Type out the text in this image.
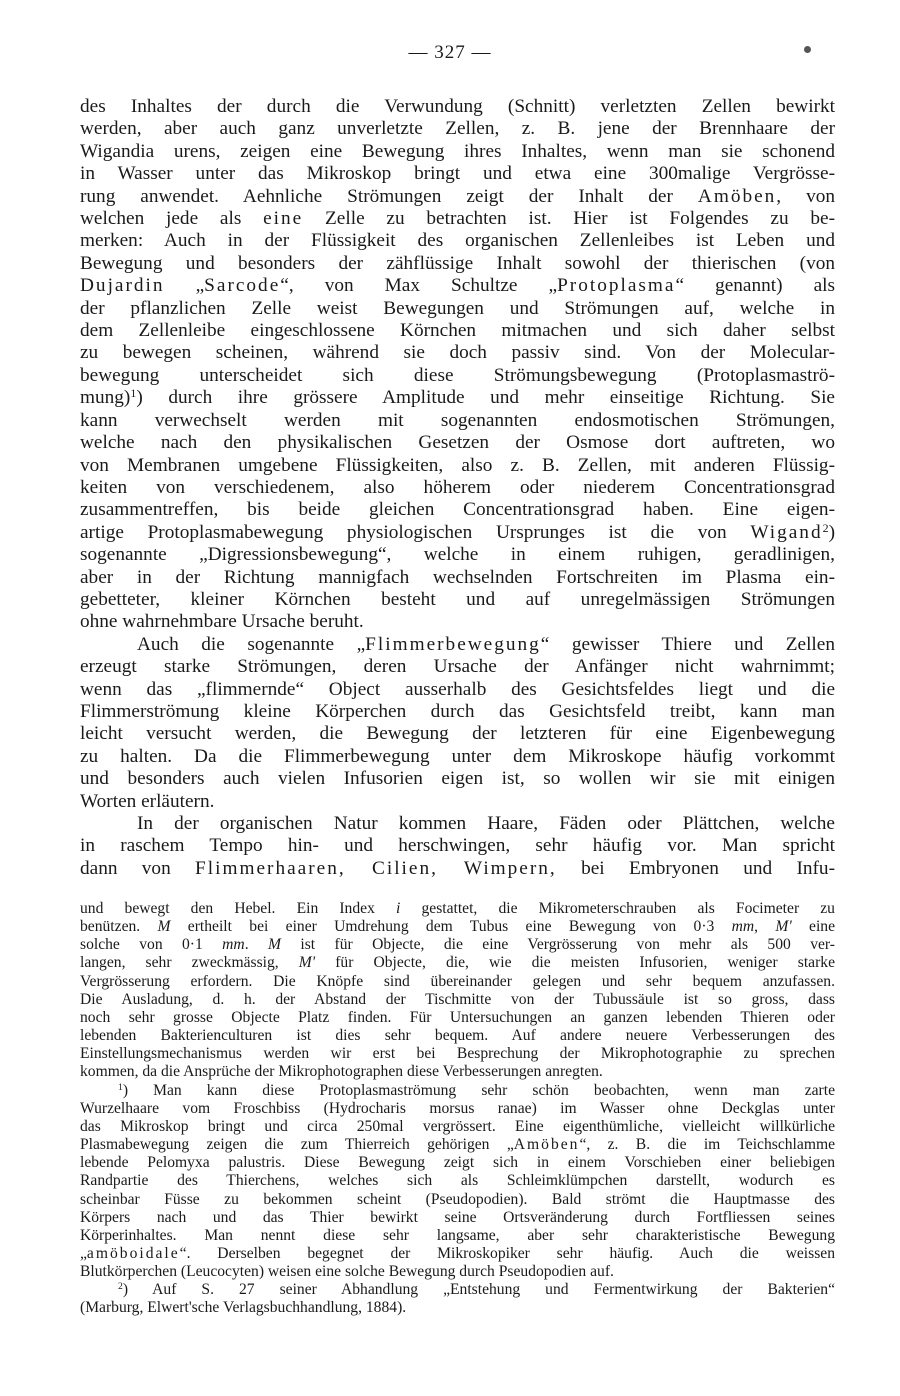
— 327 —
des Inhaltes der durch die Verwundung (Schnitt) verletzten Zellen bewirkt
werden, aber auch ganz unverletzte Zellen, z. B. jene der Brennhaare der
Wigandia urens, zeigen eine Bewegung ihres Inhaltes, wenn man sie schonend
in Wasser unter das Mikroskop bringt und etwa eine 300malige Vergrösse-
rung anwendet. Aehnliche Strömungen zeigt der Inhalt der Amöben, von
welchen jede als eine Zelle zu betrachten ist. Hier ist Folgendes zu be-
merken: Auch in der Flüssigkeit des organischen Zellenleibes ist Leben und
Bewegung und besonders der zähflüssige Inhalt sowohl der thierischen (von
Dujardin „Sarcode“, von Max Schultze „Protoplasma“ genannt) als
der pflanzlichen Zelle weist Bewegungen und Strömungen auf, welche in
dem Zellenleibe eingeschlossene Körnchen mitmachen und sich daher selbst
zu bewegen scheinen, während sie doch passiv sind. Von der Molecular-
bewegung unterscheidet sich diese Strömungsbewegung (Protoplasmaströ-
mung)$^1$) durch ihre grössere Amplitude und mehr einseitige Richtung. Sie
kann verwechselt werden mit sogenannten endosmotischen Strömungen,
welche nach den physikalischen Gesetzen der Osmose dort auftreten, wo
von Membranen umgebene Flüssigkeiten, also z. B. Zellen, mit anderen Flüssig-
keiten von verschiedenem, also höherem oder niederem Concentrationsgrad
zusammentreffen, bis beide gleichen Concentrationsgrad haben. Eine eigen-
artige Protoplasmabewegung physiologischen Ursprunges ist die von Wigand$^2$)
sogenannte „Digressionsbewegung“, welche in einem ruhigen, geradlinigen,
aber in der Richtung mannigfach wechselnden Fortschreiten im Plasma ein-
gebetteter, kleiner Körnchen besteht und auf unregelmässigen Strömungen
ohne wahrnehmbare Ursache beruht.
Auch die sogenannte „Flimmerbewegung“ gewisser Thiere und Zellen
erzeugt starke Strömungen, deren Ursache der Anfänger nicht wahrnimmt;
wenn das „flimmernde“ Object ausserhalb des Gesichtsfeldes liegt und die
Flimmerströmung kleine Körperchen durch das Gesichtsfeld treibt, kann man
leicht versucht werden, die Bewegung der letzteren für eine Eigenbewegung
zu halten. Da die Flimmerbewegung unter dem Mikroskope häufig vorkommt
und besonders auch vielen Infusorien eigen ist, so wollen wir sie mit einigen
Worten erläutern.
In der organischen Natur kommen Haare, Fäden oder Plättchen, welche
in raschem Tempo hin- und herschwingen, sehr häufig vor. Man spricht
dann von Flimmerhaaren, Cilien, Wimpern, bei Embryonen und Infu-
und bewegt den Hebel. Ein Index i gestattet, die Mikrometerschrauben als Focimeter zu
benützen. M ertheilt bei einer Umdrehung dem Tubus eine Bewegung von 0·3 mm, M' eine
solche von 0·1 mm. M ist für Objecte, die eine Vergrösserung von mehr als 500 ver-
langen, sehr zweckmässig, M' für Objecte, die, wie die meisten Infusorien, weniger starke
Vergrösserung erfordern. Die Knöpfe sind übereinander gelegen und sehr bequem anzufassen.
Die Ausladung, d. h. der Abstand der Tischmitte von der Tubussäule ist so gross, dass
noch sehr grosse Objecte Platz finden. Für Untersuchungen an ganzen lebenden Thieren oder
lebenden Bakterienculturen ist dies sehr bequem. Auf andere neuere Verbesserungen des
Einstellungsmechanismus werden wir erst bei Besprechung der Mikrophotographie zu sprechen
kommen, da die Ansprüche der Mikrophotographen diese Verbesserungen anregten.
$^1$) Man kann diese Protoplasmaströmung sehr schön beobachten, wenn man zarte
Wurzelhaare vom Froschbiss (Hydrocharis morsus ranae) im Wasser ohne Deckglas unter
das Mikroskop bringt und circa 250mal vergrössert. Eine eigenthümliche, vielleicht willkürliche
Plasmabewegung zeigen die zum Thierreich gehörigen „Amöben“, z. B. die im Teichschlamme
lebende Pelomyxa palustris. Diese Bewegung zeigt sich in einem Vorschieben einer beliebigen
Randpartie des Thierchens, welches sich als Schleimklümpchen darstellt, wodurch es
scheinbar Füsse zu bekommen scheint (Pseudopodien). Bald strömt die Hauptmasse des
Körpers nach und das Thier bewirkt seine Ortsveränderung durch Fortfliessen seines
Körperinhaltes. Man nennt diese sehr langsame, aber sehr charakteristische Bewegung
„amöboidale“. Derselben begegnet der Mikroskopiker sehr häufig. Auch die weissen
Blutkörperchen (Leucocyten) weisen eine solche Bewegung durch Pseudopodien auf.
$^2$) Auf S. 27 seiner Abhandlung „Entstehung und Fermentwirkung der Bakterien“
(Marburg, Elwert'sche Verlagsbuchhandlung, 1884).
